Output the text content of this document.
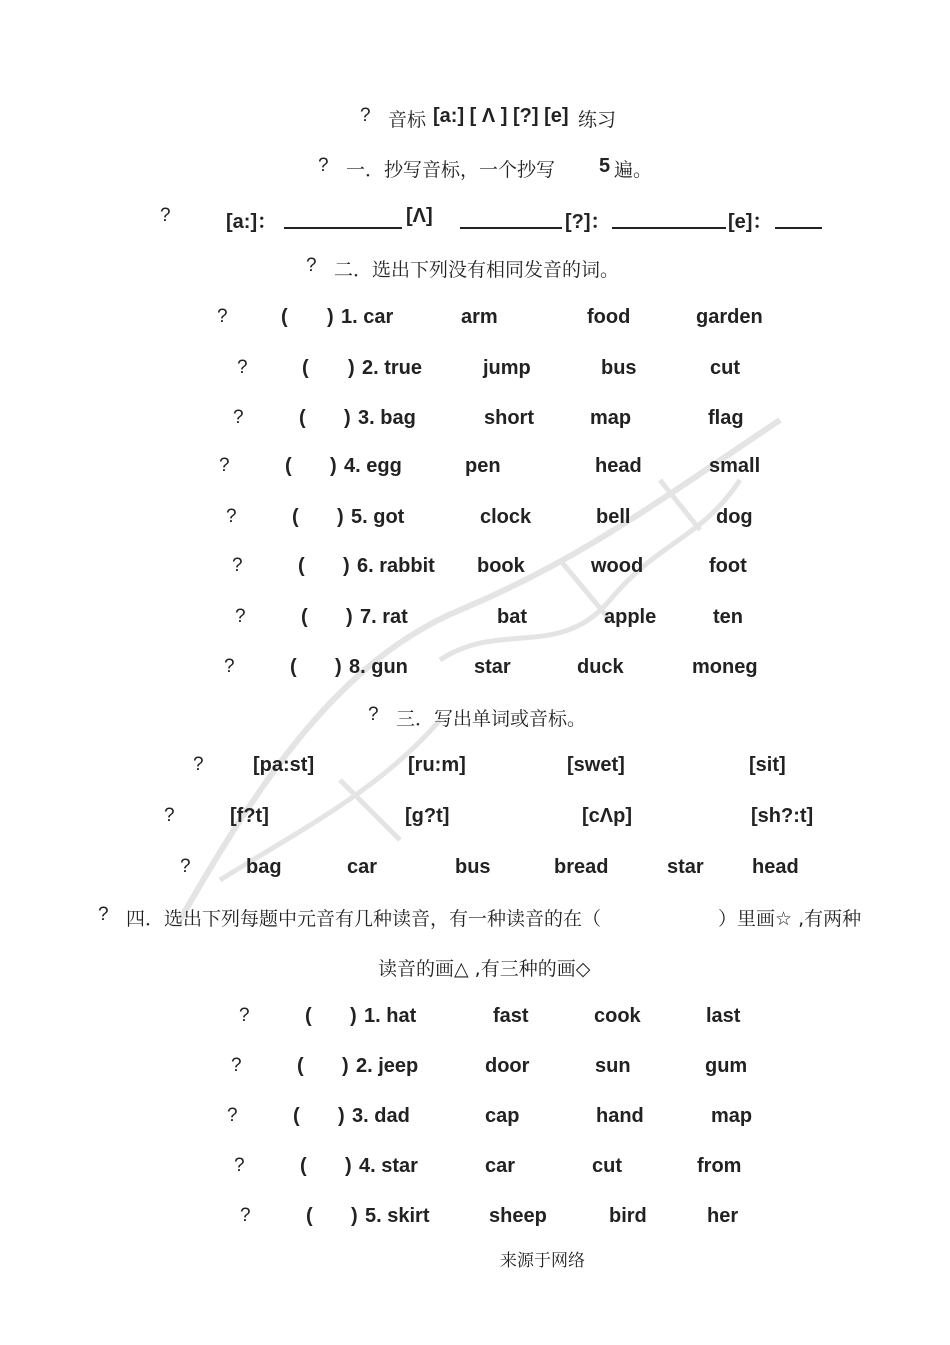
? 音标 [a:] [ Λ ] [?] [e] 练习
? 一．抄写音标，一个抄写 5 遍。
?	[a:]：	[Λ]	[?]：	[e]：
? 二．选出下列没有相同发音的词。
?	( ) 1. car	arm	food	garden
?	( ) 2. true	jump	bus	cut
?	( ) 3. bag	short	map	flag
?	( ) 4. egg	pen	head	small
?	( ) 5. got	clock	bell	dog
?	( ) 6. rabbit book	wood	foot
?	( ) 7. rat	bat	apple	ten
?	( ) 8. gun	star	duck	moneg
? 三．写出单词或音标。
? [pa:st]	[ru:m]	[swet]	[sit]
?	[f?t]	[g?t]	[cΛp]	[sh?:t]
?	bag	car	bus	bread	star head
? 四．选出下列每题中元音有几种读音，有一种读音的在（	）里画☆ ,有两种
读音的画△ ,有三种的画◇
?	( ) 1. hat	fast	cook	last
?	( ) 2. jeep	door	sun	gum
?	( ) 3. dad	cap	hand	map
?	( ) 4. star	car	cut	from
?	( ) 5. skirt	sheep	bird	her
来源于网络
